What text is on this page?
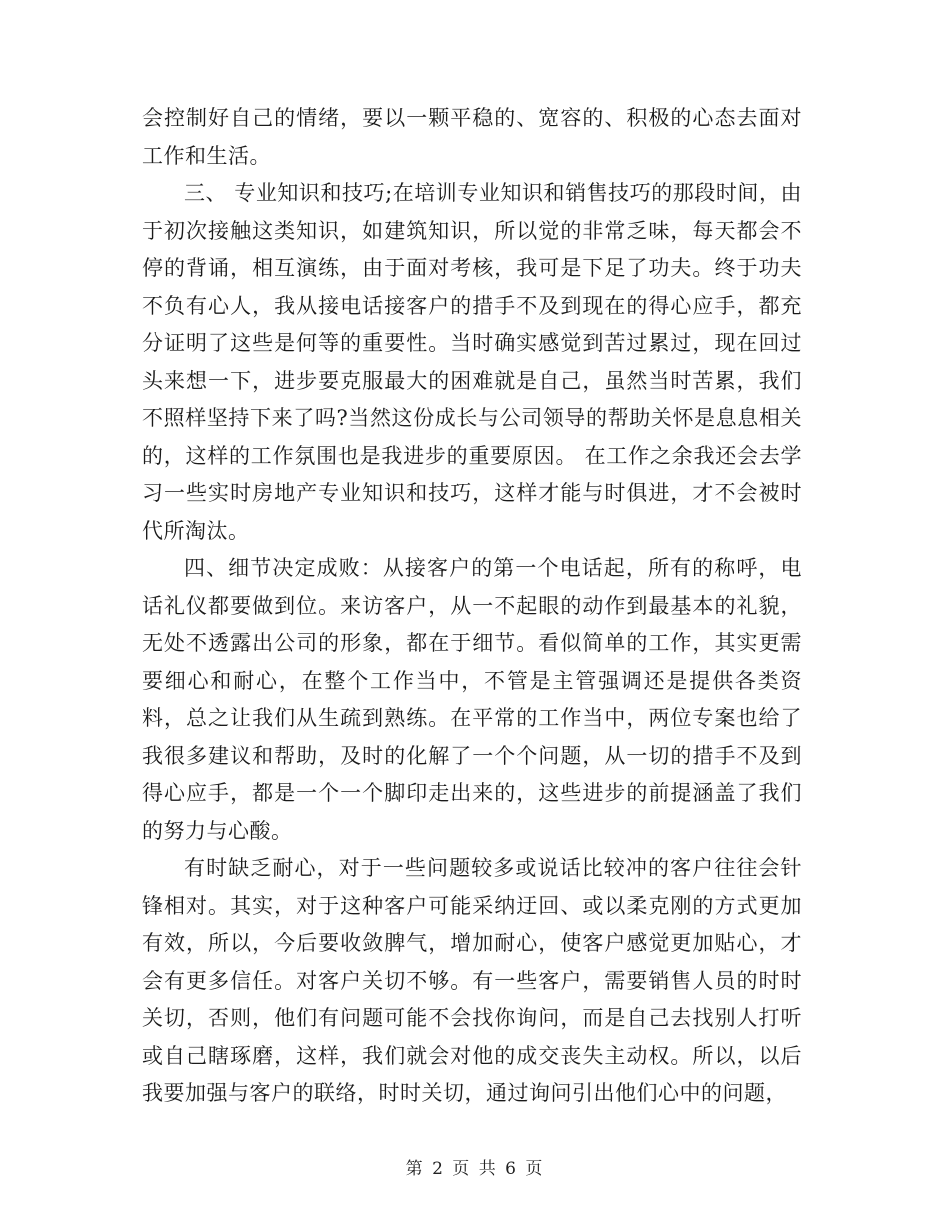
会控制好自己的情绪，要以一颗平稳的、宽容的、积极的心态去面对工作和生活。

三、 专业知识和技巧;在培训专业知识和销售技巧的那段时间，由于初次接触这类知识，如建筑知识，所以觉的非常乏味，每天都会不停的背诵，相互演练，由于面对考核，我可是下足了功夫。终于功夫不负有心人，我从接电话接客户的措手不及到现在的得心应手，都充分证明了这些是何等的重要性。当时确实感觉到苦过累过，现在回过头来想一下，进步要克服最大的困难就是自己，虽然当时苦累，我们不照样坚持下来了吗?当然这份成长与公司领导的帮助关怀是息息相关的，这样的工作氛围也是我进步的重要原因。 在工作之余我还会去学习一些实时房地产专业知识和技巧，这样才能与时俱进，才不会被时代所淘汰。

四、细节决定成败：从接客户的第一个电话起，所有的称呼，电话礼仪都要做到位。来访客户，从一不起眼的动作到最基本的礼貌，无处不透露出公司的形象，都在于细节。看似简单的工作，其实更需要细心和耐心，在整个工作当中，不管是主管强调还是提供各类资料，总之让我们从生疏到熟练。在平常的工作当中，两位专案也给了我很多建议和帮助，及时的化解了一个个问题，从一切的措手不及到得心应手，都是一个一个脚印走出来的，这些进步的前提涵盖了我们的努力与心酸。

有时缺乏耐心，对于一些问题较多或说话比较冲的客户往往会针锋相对。其实，对于这种客户可能采纳迂回、或以柔克刚的方式更加有效，所以，今后要收敛脾气，增加耐心，使客户感觉更加贴心，才会有更多信任。对客户关切不够。有一些客户，需要销售人员的时时关切，否则，他们有问题可能不会找你询问，而是自己去找别人打听或自己瞎琢磨，这样，我们就会对他的成交丧失主动权。所以，以后我要加强与客户的联络，时时关切，通过询问引出他们心中的问题，

第 2 页 共 6 页
